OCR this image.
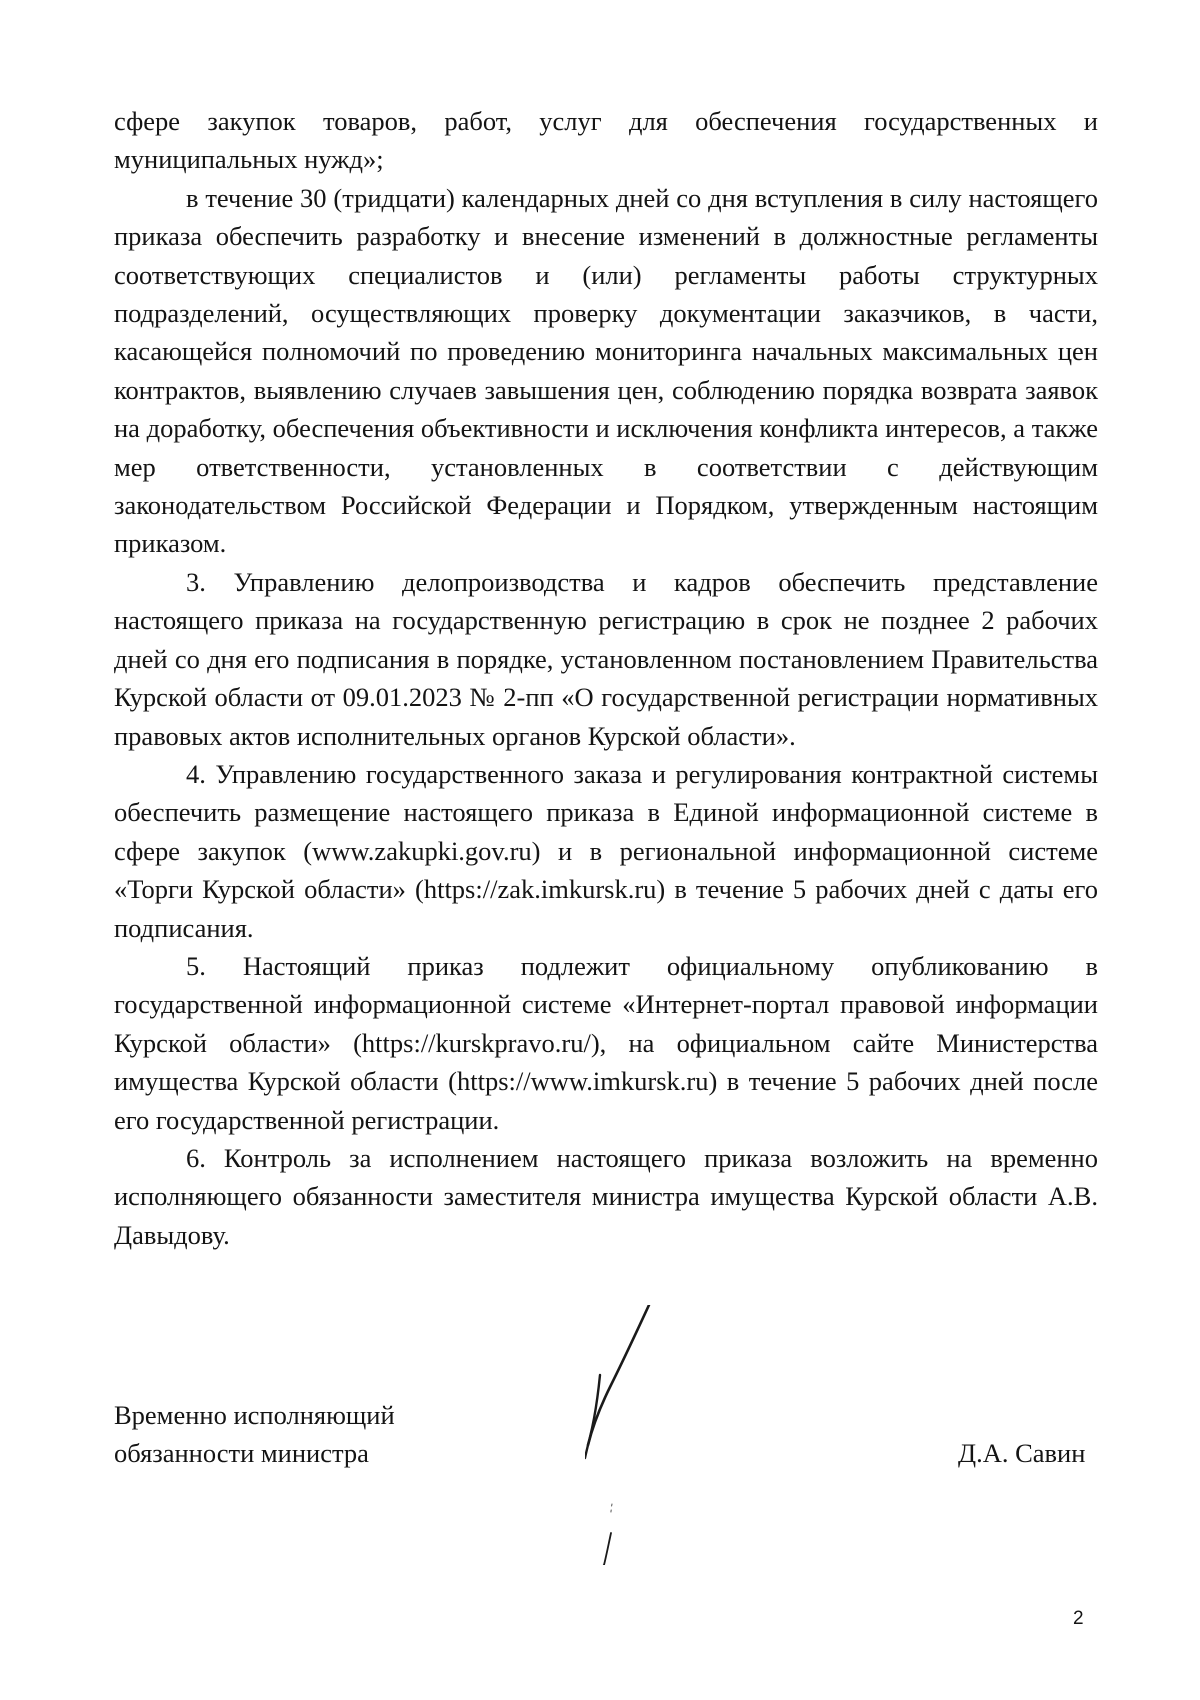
сфере закупок товаров, работ, услуг для обеспечения государственных и муниципальных нужд»;

в течение 30 (тридцати) календарных дней со дня вступления в силу настоящего приказа обеспечить разработку и внесение изменений в должностные регламенты соответствующих специалистов и (или) регламенты работы структурных подразделений, осуществляющих проверку документации заказчиков, в части, касающейся полномочий по проведению мониторинга начальных максимальных цен контрактов, выявлению случаев завышения цен, соблюдению порядка возврата заявок на доработку, обеспечения объективности и исключения конфликта интересов, а также мер ответственности, установленных в соответствии с действующим законодательством Российской Федерации и Порядком, утвержденным настоящим приказом.

3. Управлению делопроизводства и кадров обеспечить представление настоящего приказа на государственную регистрацию в срок не позднее 2 рабочих дней со дня его подписания в порядке, установленном постановлением Правительства Курской области от 09.01.2023 № 2-пп «О государственной регистрации нормативных правовых актов исполнительных органов Курской области».

4. Управлению государственного заказа и регулирования контрактной системы обеспечить размещение настоящего приказа в Единой информационной системе в сфере закупок (www.zakupki.gov.ru) и в региональной информационной системе «Торги Курской области» (https://zak.imkursk.ru) в течение 5 рабочих дней с даты его подписания.

5. Настоящий приказ подлежит официальному опубликованию в государственной информационной системе «Интернет-портал правовой информации Курской области» (https://kurskpravo.ru/), на официальном сайте Министерства имущества Курской области (https://www.imkursk.ru) в течение 5 рабочих дней после его государственной регистрации.

6. Контроль за исполнением настоящего приказа возложить на временно исполняющего обязанности заместителя министра имущества Курской области А.В. Давыдову.

Временно исполняющий
обязанности министра	Д.А. Савин
2
